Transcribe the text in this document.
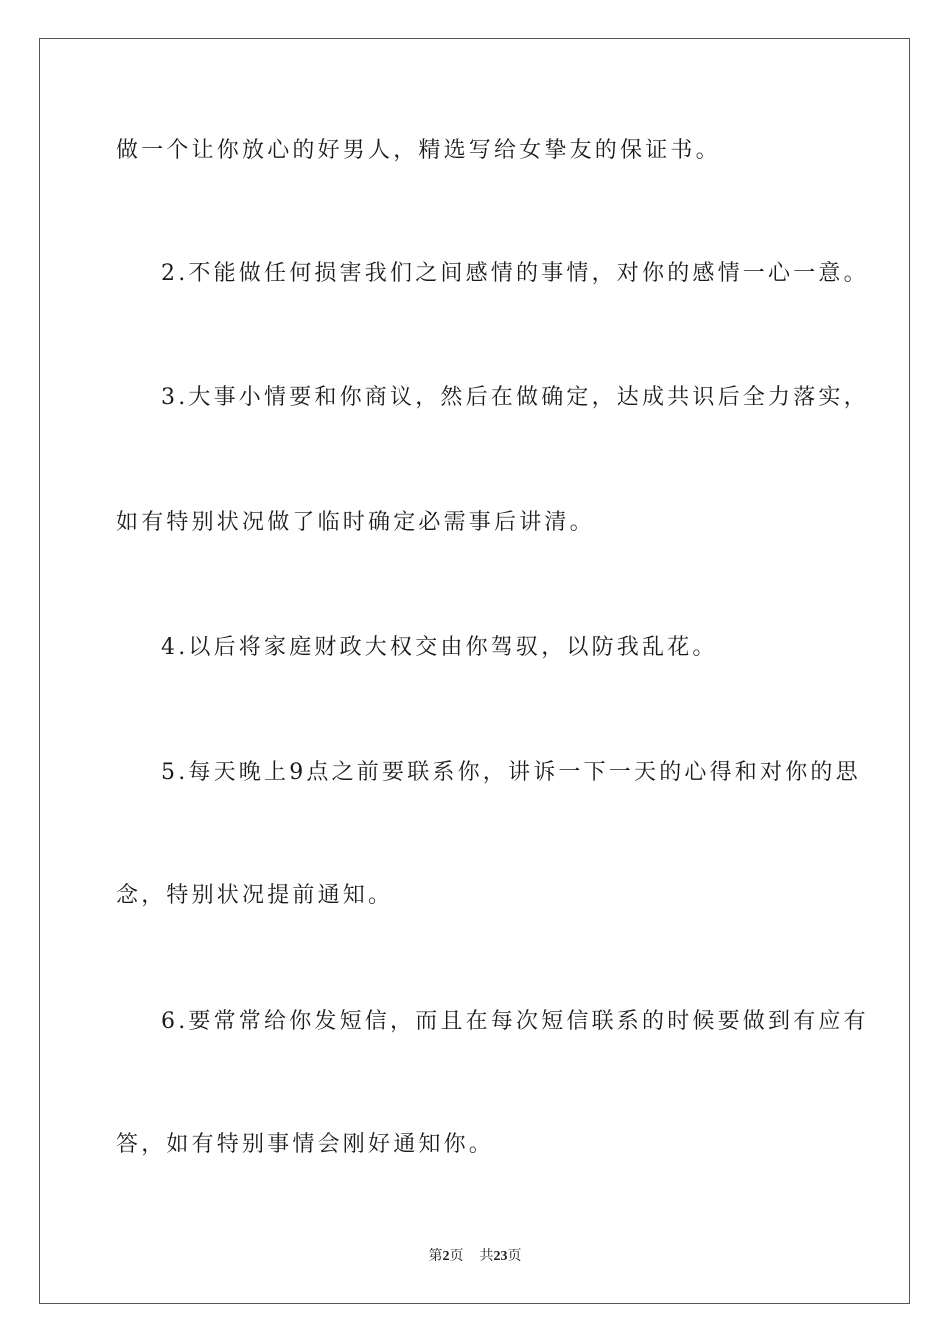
做一个让你放心的好男人，精选写给女挚友的保证书。
2.不能做任何损害我们之间感情的事情，对你的感情一心一意。
3.大事小情要和你商议，然后在做确定，达成共识后全力落实，
如有特别状况做了临时确定必需事后讲清。
4.以后将家庭财政大权交由你驾驭，以防我乱花。
5.每天晚上9点之前要联系你，讲诉一下一天的心得和对你的思
念，特别状况提前通知。
6.要常常给你发短信，而且在每次短信联系的时候要做到有应有
答，如有特别事情会刚好通知你。
第2页 共23页
